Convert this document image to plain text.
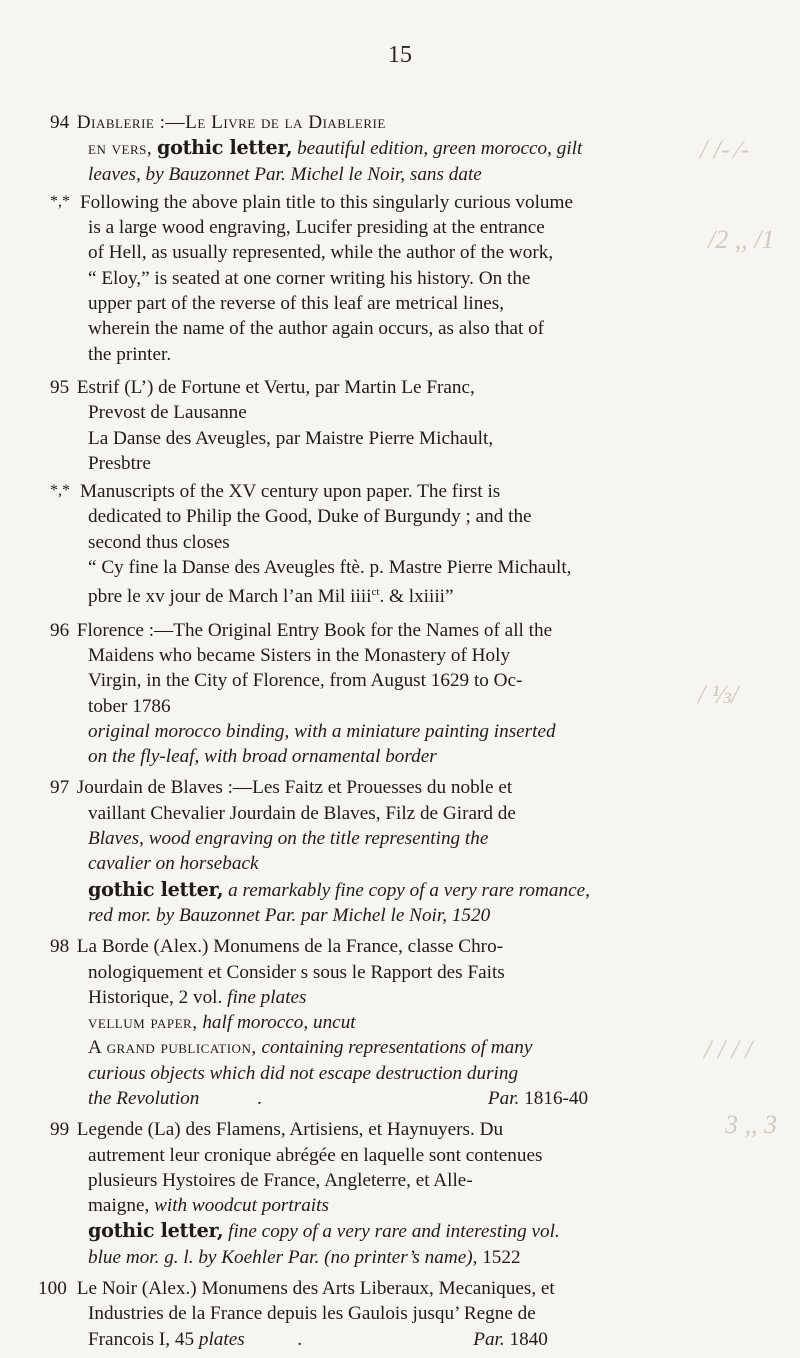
15
94 Diablerie :—Le Livre de la Diablerie
en vers, gothic letter, beautiful edition, green morocco, gilt
leaves, by Bauzonnet Par. Michel le Noir, sans date
*,* Following the above plain title to this singularly curious volume
is a large wood engraving, Lucifer presiding at the entrance
of Hell, as usually represented, while the author of the work,
“ Eloy,” is seated at one corner writing his history. On the
upper part of the reverse of this leaf are metrical lines,
wherein the name of the author again occurs, as also that of
the printer.
95 Estrif (L’) de Fortune et Vertu, par Martin Le Franc,
Prevost de Lausanne
La Danse des Aveugles, par Maistre Pierre Michault,
Presbtre
*,* Manuscripts of the XV century upon paper. The first is
dedicated to Philip the Good, Duke of Burgundy ; and the
second thus closes
“ Cy fine la Danse des Aveugles ftè. p. Mastre Pierre Michault,
pbre le xv jour de March l’an Mil iiii$^{ct}$. & lxiiii”
96 Florence :—The Original Entry Book for the Names of all the
Maidens who became Sisters in the Monastery of Holy
Virgin, in the City of Florence, from August 1629 to Oc-
tober 1786
original morocco binding, with a miniature painting inserted
on the fly-leaf, with broad ornamental border
97 Jourdain de Blaves :—Les Faitz et Prouesses du noble et
vaillant Chevalier Jourdain de Blaves, Filz de Girard de
Blaves, wood engraving on the title representing the
cavalier on horseback
gothic letter, a remarkably fine copy of a very rare romance,
red mor. by Bauzonnet Par. par Michel le Noir, 1520
98 La Borde (Alex.) Monumens de la France, classe Chro-
nologiquement et Consider s sous le Rapport des Faits
Historique, 2 vol. fine plates
vellum paper, half morocco, uncut
A grand publication, containing representations of many
curious objects which did not escape destruction during
the Revolution	.	Par. 1816-40
99 Legende (La) des Flamens, Artisiens, et Haynuyers. Du
autrement leur cronique abrégée en laquelle sont contenues
plusieurs Hystoires de France, Angleterre, et Alle-
maigne, with woodcut portraits
gothic letter, fine copy of a very rare and interesting vol.
blue mor. g. l. by Koehler Par. (no printer’s name), 1522
100 Le Noir (Alex.) Monumens des Arts Liberaux, Mecaniques, et
Industries de la France depuis les Gaulois jusqu’ Regne de
Francois I, 45 plates	.	Par. 1840
/ /‑ ⁄‑
/2 ,, /1
/ ⅓/
/ / / /
3 ,, 3
